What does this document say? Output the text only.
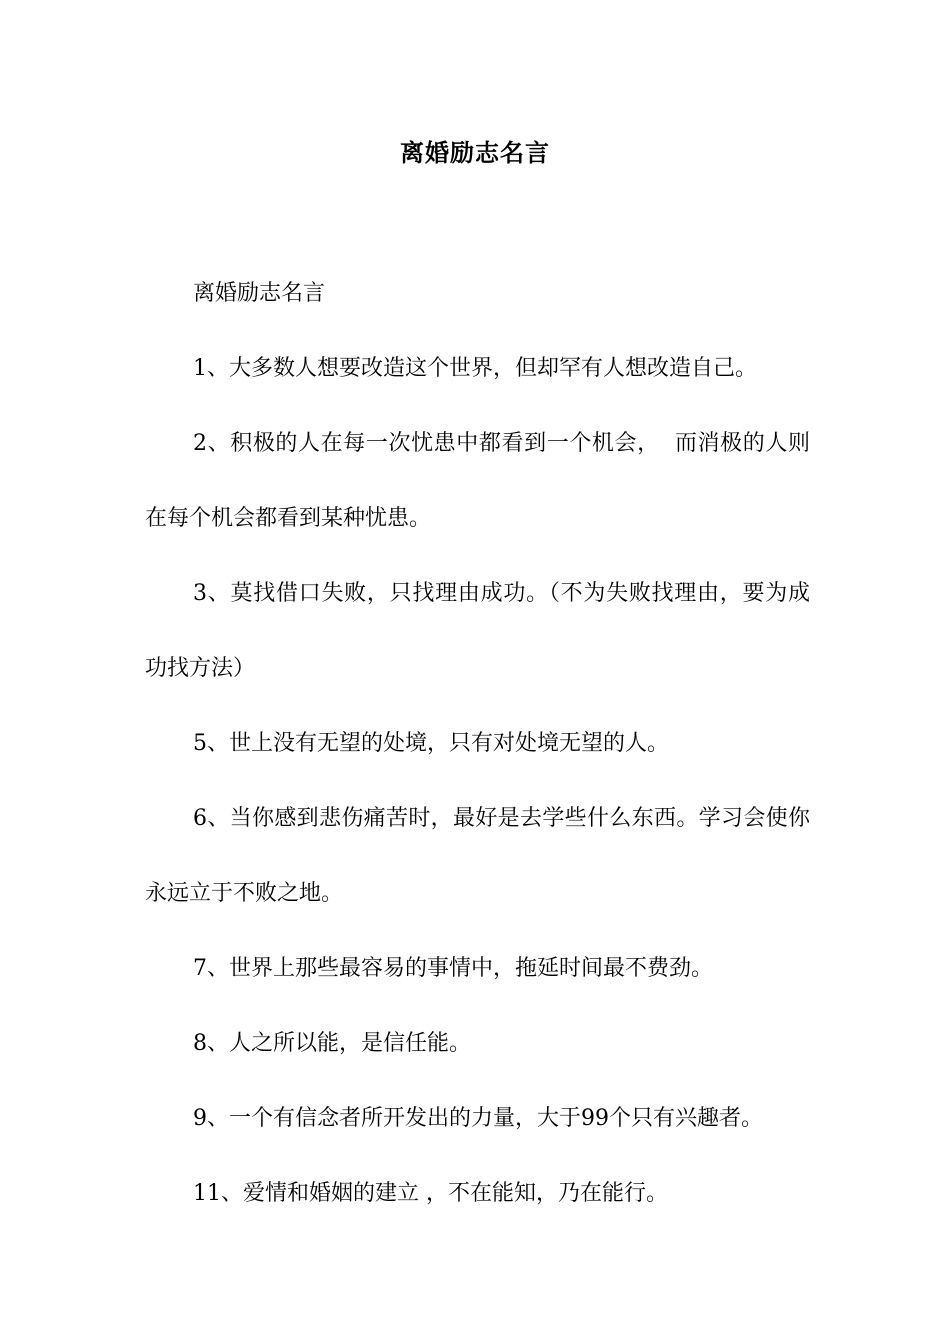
离婚励志名言

离婚励志名言

1、大多数人想要改造这个世界，但却罕有人想改造自己。

2、积极的人在每一次忧患中都看到一个机会，  而消极的人则在每个机会都看到某种忧患。

3、莫找借口失败，只找理由成功。（不为失败找理由，要为成功找方法）

5、世上没有无望的处境，只有对处境无望的人。

6、当你感到悲伤痛苦时，最好是去学些什么东西。学习会使你永远立于不败之地。

7、世界上那些最容易的事情中，拖延时间最不费劲。

8、人之所以能，是信任能。

9、一个有信念者所开发出的力量，大于99个只有兴趣者。

11、爱情和婚姻的建立 ，不在能知，乃在能行。
